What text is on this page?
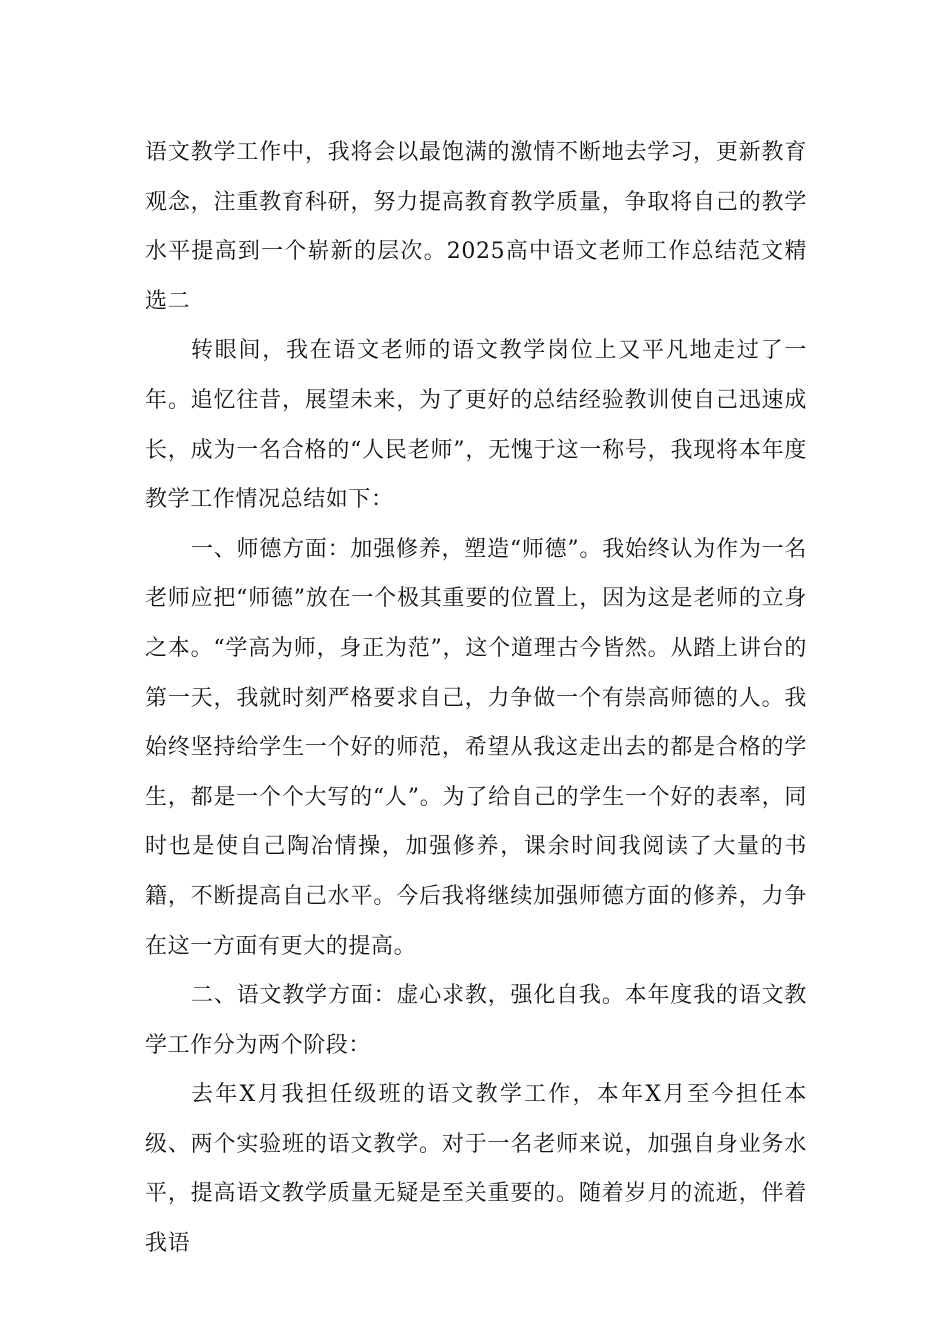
语文教学工作中，我将会以最饱满的激情不断地去学习，更新教育观念，注重教育科研，努力提高教育教学质量，争取将自己的教学水平提高到一个崭新的层次。2025高中语文老师工作总结范文精选二

转眼间，我在语文老师的语文教学岗位上又平凡地走过了一年。追忆往昔，展望未来，为了更好的总结经验教训使自己迅速成长，成为一名合格的“人民老师”，无愧于这一称号，我现将本年度教学工作情况总结如下：

一、师德方面：加强修养，塑造“师德”。我始终认为作为一名老师应把“师德”放在一个极其重要的位置上，因为这是老师的立身之本。“学高为师，身正为范”，这个道理古今皆然。从踏上讲台的第一天，我就时刻严格要求自己，力争做一个有崇高师德的人。我始终坚持给学生一个好的师范，希望从我这走出去的都是合格的学生，都是一个个大写的“人”。为了给自己的学生一个好的表率，同时也是使自己陶冶情操，加强修养，课余时间我阅读了大量的书籍，不断提高自己水平。今后我将继续加强师德方面的修养，力争在这一方面有更大的提高。

二、语文教学方面：虚心求教，强化自我。本年度我的语文教学工作分为两个阶段：

去年X月我担任级班的语文教学工作，本年X月至今担任本级、两个实验班的语文教学。对于一名老师来说，加强自身业务水平，提高语文教学质量无疑是至关重要的。随着岁月的流逝，伴着我语
